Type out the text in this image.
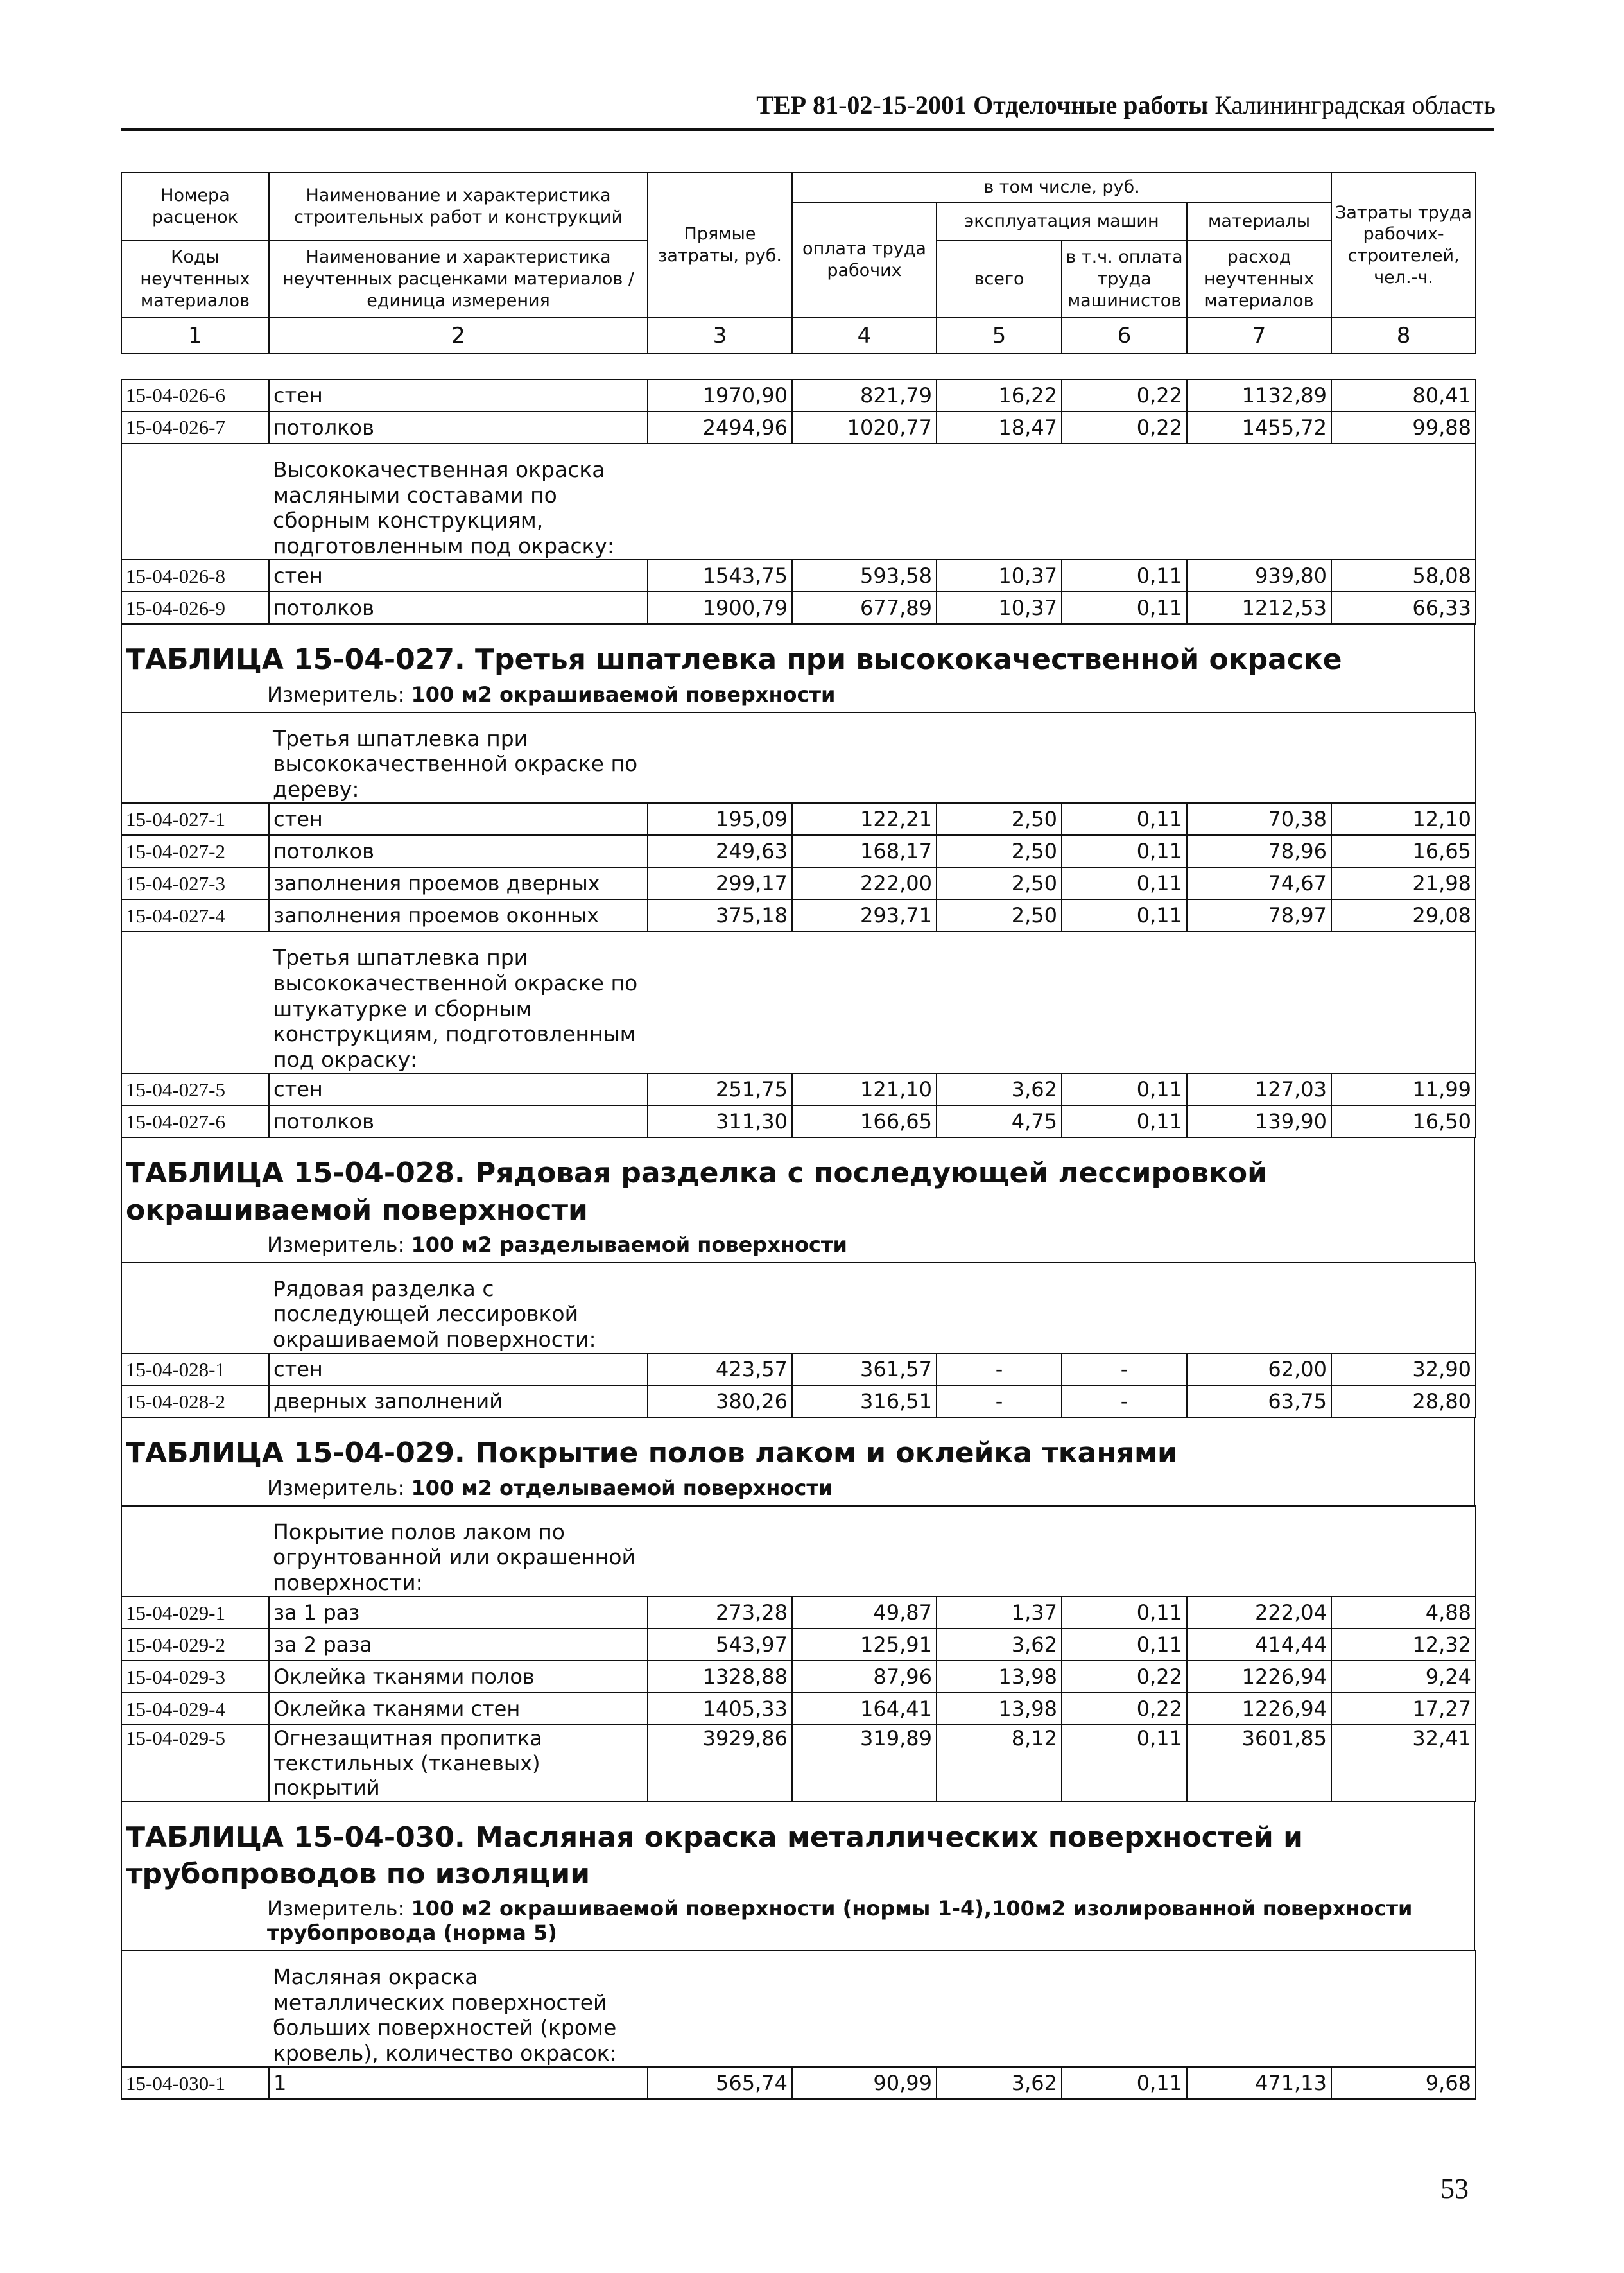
ТЕР 81-02-15-2001 Отделочные работы Калининградская область
Номера расценок	Наименование и характеристика строительных работ и конструкций	Прямые затраты, руб.	в том числе, руб.				Затраты труда рабочих-строителей, чел.-ч.
			оплата труда рабочих	эксплуатация машин		материалы	

Коды неучтенных материалов	Наименование и характеристика неучтенных расценками материалов / единица измерения			всего	в т.ч. оплата труда машинистов	расход неучтенных материалов	

1	2	3	4	5	6	7	8
15-04-026-6	стен	1970,90	821,79	16,22	0,22	1132,89	80,41
15-04-026-7	потолков	2494,96	1020,77	18,47	0,22	1455,72	99,88
	Высококачественная окраска масляными составами по сборным конструкциям, подготовленным под окраску:						
15-04-026-8	стен	1543,75	593,58	10,37	0,11	939,80	58,08
15-04-026-9	потолков	1900,79	677,89	10,37	0,11	1212,53	66,33
ТАБЛИЦА 15-04-027. Третья шпатлевка при высококачественной окраске
Измеритель: 100 м2 окрашиваемой поверхности
	Третья шпатлевка при высококачественной окраске по дереву:						
15-04-027-1	стен	195,09	122,21	2,50	0,11	70,38	12,10
15-04-027-2	потолков	249,63	168,17	2,50	0,11	78,96	16,65
15-04-027-3	заполнения проемов дверных	299,17	222,00	2,50	0,11	74,67	21,98
15-04-027-4	заполнения проемов оконных	375,18	293,71	2,50	0,11	78,97	29,08
	Третья шпатлевка при высококачественной окраске по штукатурке и сборным конструкциям, подготовленным под окраску:						
15-04-027-5	стен	251,75	121,10	3,62	0,11	127,03	11,99
15-04-027-6	потолков	311,30	166,65	4,75	0,11	139,90	16,50
ТАБЛИЦА 15-04-028. Рядовая разделка с последующей лессировкой окрашиваемой поверхности
Измеритель: 100 м2 разделываемой поверхности
	Рядовая разделка с последующей лессировкой окрашиваемой поверхности:						
15-04-028-1	стен	423,57	361,57	-	-	62,00	32,90
15-04-028-2	дверных заполнений	380,26	316,51	-	-	63,75	28,80
ТАБЛИЦА 15-04-029. Покрытие полов лаком и оклейка тканями
Измеритель: 100 м2 отделываемой поверхности
	Покрытие полов лаком по огрунтованной или окрашенной поверхности:						
15-04-029-1	за 1 раз	273,28	49,87	1,37	0,11	222,04	4,88
15-04-029-2	за 2 раза	543,97	125,91	3,62	0,11	414,44	12,32
15-04-029-3	Оклейка тканями полов	1328,88	87,96	13,98	0,22	1226,94	9,24
15-04-029-4	Оклейка тканями стен	1405,33	164,41	13,98	0,22	1226,94	17,27
15-04-029-5	Огнезащитная пропитка текстильных (тканевых) покрытий	3929,86	319,89	8,12	0,11	3601,85	32,41
ТАБЛИЦА 15-04-030. Масляная окраска металлических поверхностей и трубопроводов по изоляции
Измеритель: 100 м2 окрашиваемой поверхности (нормы 1-4),100м2 изолированной поверхности трубопровода (норма 5)
	Масляная окраска металлических поверхностей больших поверхностей (кроме кровель), количество окрасок:						
15-04-030-1	1	565,74	90,99	3,62	0,11	471,13	9,68
53
